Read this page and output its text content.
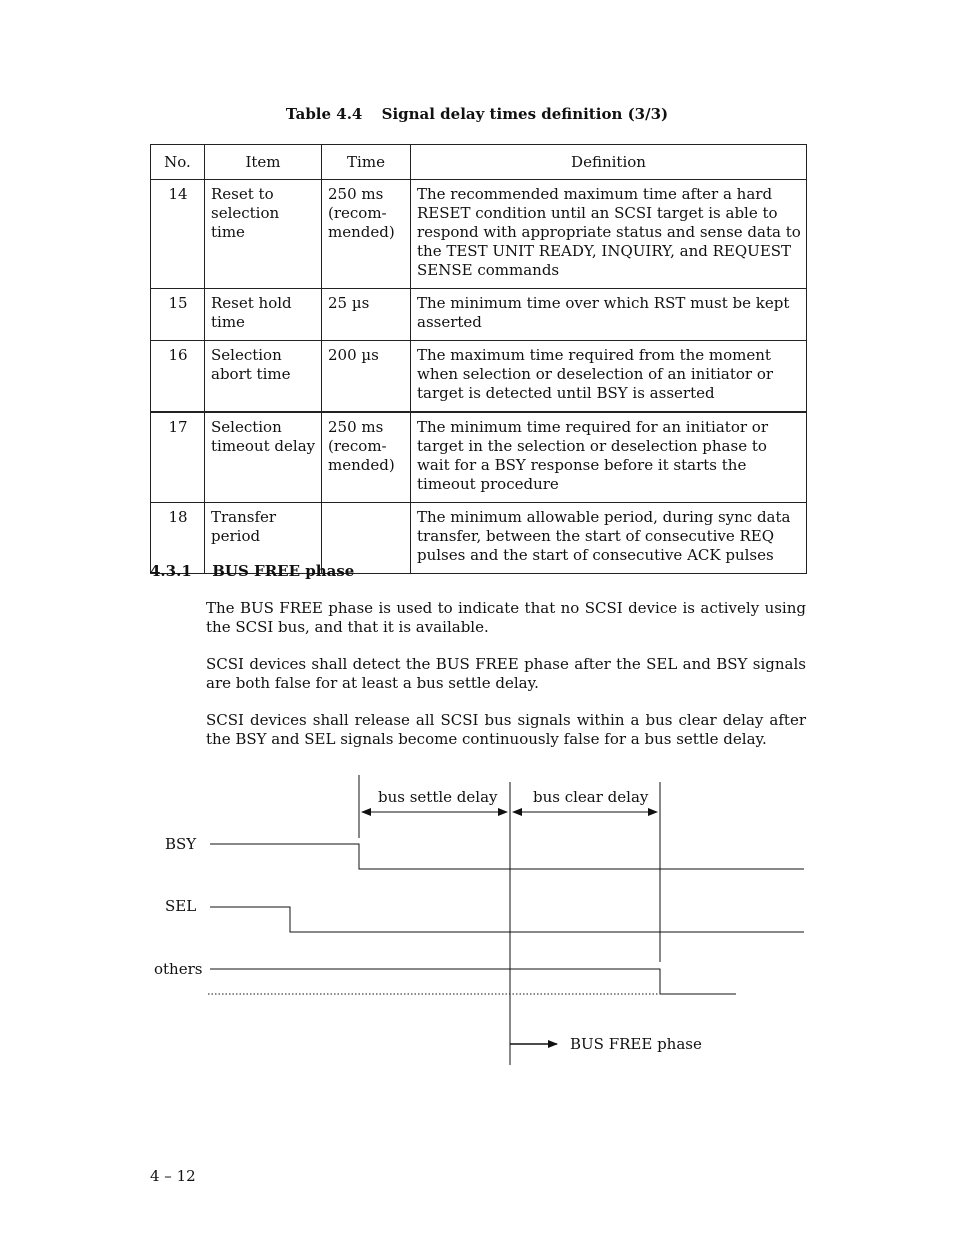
Table 4.4 Signal delay times definition (3/3)
No.	Item	Time	Definition
14	Reset to selection time	250 ms (recom-mended)	The recommended maximum time after a hard RESET condition until an SCSI target is able to respond with appropriate status and sense data to the TEST UNIT READY, INQUIRY, and REQUEST SENSE commands
15	Reset hold time	25 µs	The minimum time over which RST must be kept asserted
16	Selection abort time	200 µs	The maximum time required from the moment when selection or deselection of an initiator or target is detected until BSY is asserted
17	Selection timeout delay	250 ms (recom-mended)	The minimum time required for an initiator or target in the selection or deselection phase to wait for a BSY response before it starts the timeout procedure
18	Transfer period		The minimum allowable period, during sync data transfer, between the start of consecutive REQ pulses and the start of consecutive ACK pulses
4.3.1 BUS FREE phase

The BUS FREE phase is used to indicate that no SCSI device is actively using the SCSI bus, and that it is available.

SCSI devices shall detect the BUS FREE phase after the SEL and BSY signals are both false for at least a bus settle delay.

SCSI devices shall release all SCSI bus signals within a bus clear delay after the BSY and SEL signals become continuously false for a bus settle delay.

bus settle delay bus clear delay
BSY
SEL
others
BUS FREE phase
4 – 12
